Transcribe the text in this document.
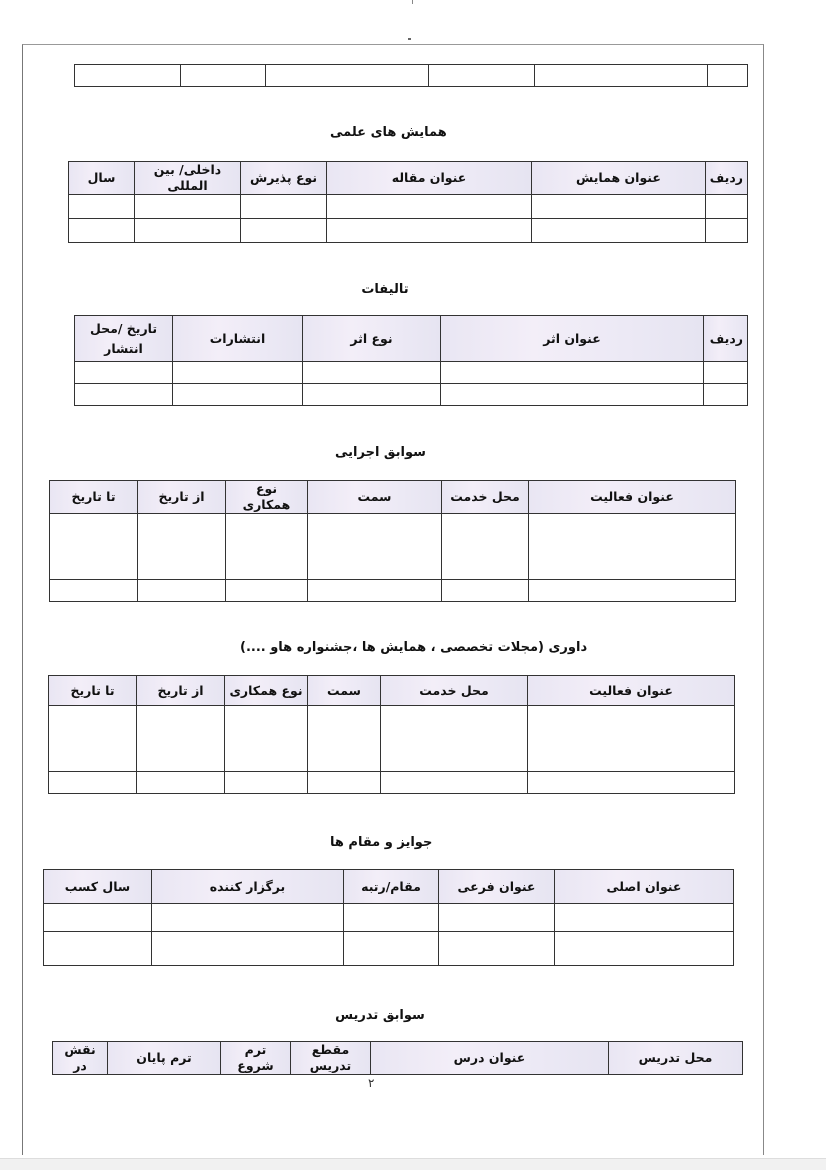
همایش های علمی
ردیف	عنوان همایش	عنوان مقاله	نوع پذیرش	داخلی/ بین المللی	سال

تالیفات
ردیف	عنوان اثر	نوع اثر	انتشارات	تاریخ /محل انتشار

سوابق اجرایی
عنوان فعالیت	محل خدمت	سمت	نوع همکاری	از تاریخ	تا تاریخ

داوری (مجلات تخصصی ، همایش ها ،جشنواره هاو ....)
عنوان فعالیت	محل خدمت	سمت	نوع همکاری	از تاریخ	تا تاریخ

جوایز و مقام ها
عنوان اصلی	عنوان فرعی	مقام/رتبه	برگزار کننده	سال کسب

سوابق تدریس
محل تدریس	عنوان درس	مقطع تدریس	ترم شروع	ترم پایان	نقش در
۲
